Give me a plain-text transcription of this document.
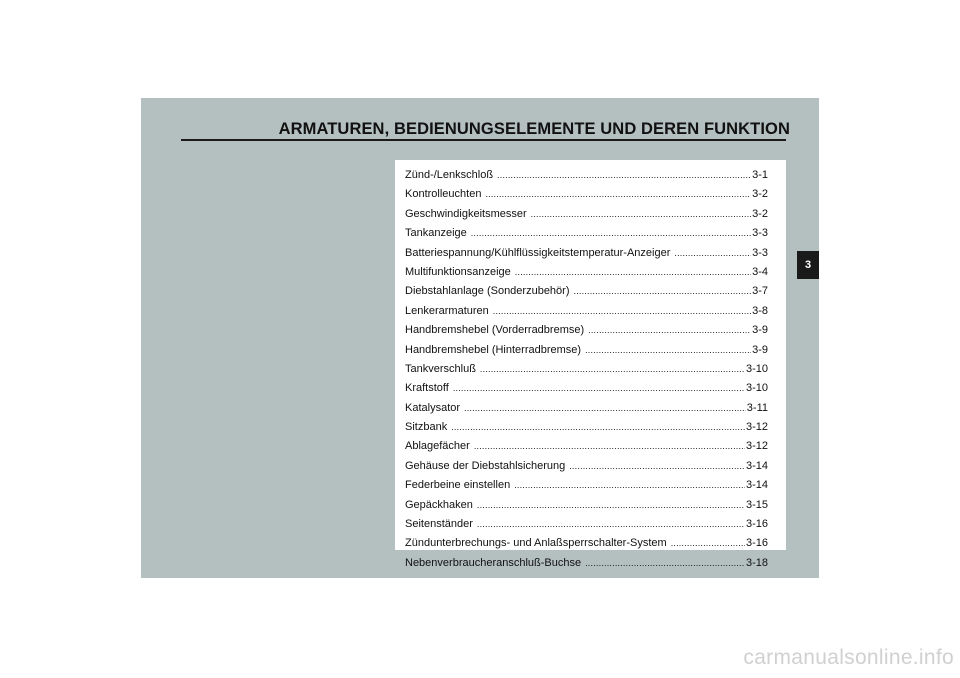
ARMATUREN, BEDIENUNGSELEMENTE UND DEREN FUNKTION
Zünd-/Lenkschloß .....	3-1
Kontrolleuchten .....	3-2
Geschwindigkeitsmesser .....	3-2
Tankanzeige .....	3-3
Batteriespannung/Kühlflüssigkeitstemperatur-Anzeiger .....	3-3
Multifunktionsanzeige .....	3-4
Diebstahlanlage (Sonderzubehör) .....	3-7
Lenkerarmaturen .....	3-8
Handbremshebel (Vorderradbremse) .....	3-9
Handbremshebel (Hinterradbremse) .....	3-9
Tankverschluß .....	3-10
Kraftstoff .....	3-10
Katalysator .....	3-11
Sitzbank .....	3-12
Ablagefächer .....	3-12
Gehäuse der Diebstahlsicherung .....	3-14
Federbeine einstellen .....	3-14
Gepäckhaken .....	3-15
Seitenständer .....	3-16
Zündunterbrechungs- und Anlaßsperrschalter-System .....	3-16
Nebenverbraucheranschluß-Buchse .....	3-18
3
carmanualsonline.info
